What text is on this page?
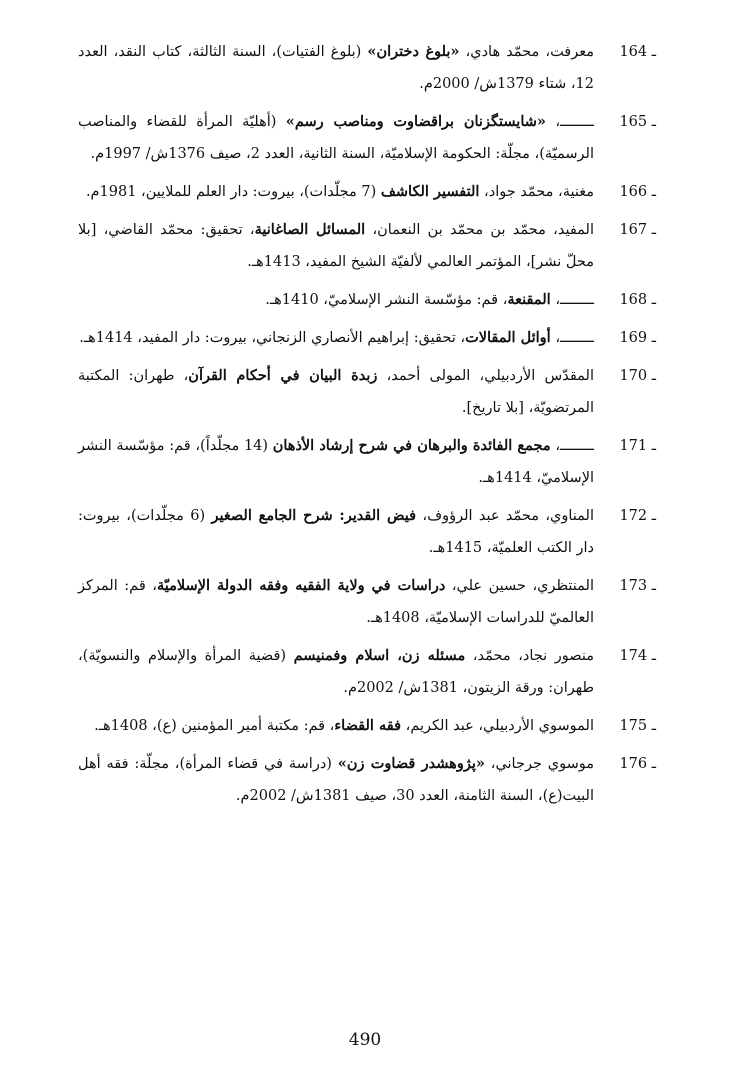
164 ـ
معرفت، محمّد هادي، «بلوغ دختران» (بلوغ الفتيات)، السنة الثالثة، كتاب النقد، العدد 12، شتاء 1379ش/ 2000م.
165 ـ
ــــــــ، «شايستگزنان براقضاوت ومناصب رسم» (أهليّة المرأة للقضاء والمناصب الرسميّة)، مجلّة: الحكومة الإسلاميّة، السنة الثانية، العدد 2، صيف 1376ش/ 1997م.
166 ـ
مغنية، محمّد جواد، التفسير الكاشف (7 مجلّدات)، بيروت: دار العلم للملايين، 1981م.
167 ـ
المفيد، محمّد بن محمّد بن النعمان، المسائل الصاغانية، تحقيق: محمّد القاضي، [بلا محلّ نشر]، المؤتمر العالمي لألفيّة الشيخ المفيد، 1413هـ.
168 ـ
ــــــــ، المقنعة، قم: مؤسّسة النشر الإسلاميّ، 1410هـ.
169 ـ
ــــــــ، أوائل المقالات، تحقيق: إبراهيم الأنصاري الزنجاني، بيروت: دار المفيد، 1414هـ.
170 ـ
المقدّس الأردبيلي، المولى أحمد، زبدة البيان في أحكام القرآن، طهران: المكتبة المرتضويّة، [بلا تاريخ].
171 ـ
ــــــــ، مجمع الفائدة والبرهان في شرح إرشاد الأذهان (14 مجلّداً)، قم: مؤسّسة النشر الإسلاميّ، 1414هـ.
172 ـ
المناوي، محمّد عبد الرؤوف، فيض القدير: شرح الجامع الصغير (6 مجلّدات)، بيروت: دار الكتب العلميّة، 1415هـ.
173 ـ
المنتظري، حسين علي، دراسات في ولاية الفقيه وفقه الدولة الإسلاميّة، قم: المركز العالميّ للدراسات الإسلاميّة، 1408هـ.
174 ـ
منصور نجاد، محمّد، مسئله زن، اسلام وفمنيسم (قضية المرأة والإسلام والنسويّة)، طهران: ورقة الزيتون، 1381ش/ 2002م.
175 ـ
الموسوي الأردبيلي، عبد الكريم، فقه القضاء، قم: مكتبة أمير المؤمنين (ع)، 1408هـ.
176 ـ
موسوي جرجاني، «پژوهشدر قضاوت زن» (دراسة في قضاء المرأة)، مجلّة: فقه أهل البيت(ع)، السنة الثامنة، العدد 30، صيف 1381ش/ 2002م.
490
